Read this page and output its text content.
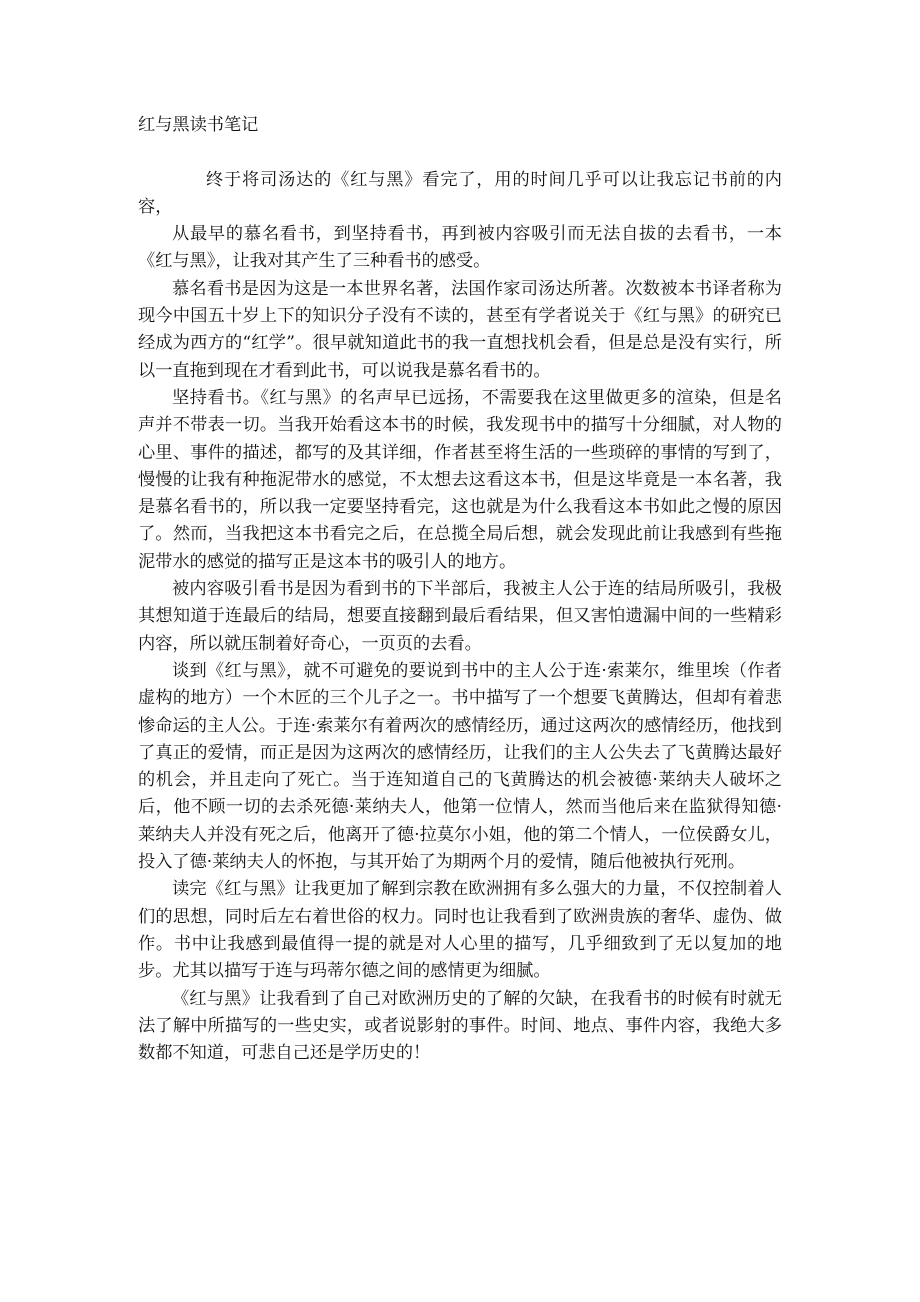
红与黑读书笔记

终于将司汤达的《红与黑》看完了，用的时间几乎可以让我忘记书前的内容，

从最早的慕名看书，到坚持看书，再到被内容吸引而无法自拔的去看书，一本《红与黑》，让我对其产生了三种看书的感受。

慕名看书是因为这是一本世界名著，法国作家司汤达所著。次数被本书译者称为现今中国五十岁上下的知识分子没有不读的，甚至有学者说关于《红与黑》的研究已经成为西方的“红学”。很早就知道此书的我一直想找机会看，但是总是没有实行，所以一直拖到现在才看到此书，可以说我是慕名看书的。

坚持看书。《红与黑》的名声早已远扬，不需要我在这里做更多的渲染，但是名声并不带表一切。当我开始看这本书的时候，我发现书中的描写十分细腻，对人物的心里、事件的描述，都写的及其详细，作者甚至将生活的一些琐碎的事情的写到了，慢慢的让我有种拖泥带水的感觉，不太想去这看这本书，但是这毕竟是一本名著，我是慕名看书的，所以我一定要坚持看完，这也就是为什么我看这本书如此之慢的原因了。然而，当我把这本书看完之后，在总揽全局后想，就会发现此前让我感到有些拖泥带水的感觉的描写正是这本书的吸引人的地方。

被内容吸引看书是因为看到书的下半部后，我被主人公于连的结局所吸引，我极其想知道于连最后的结局，想要直接翻到最后看结果，但又害怕遗漏中间的一些精彩内容，所以就压制着好奇心，一页页的去看。

谈到《红与黑》，就不可避免的要说到书中的主人公于连·索莱尔，维里埃（作者虚构的地方）一个木匠的三个儿子之一。书中描写了一个想要飞黄腾达，但却有着悲惨命运的主人公。于连·索莱尔有着两次的感情经历，通过这两次的感情经历，他找到了真正的爱情，而正是因为这两次的感情经历，让我们的主人公失去了飞黄腾达最好的机会，并且走向了死亡。当于连知道自己的飞黄腾达的机会被德·莱纳夫人破坏之后，他不顾一切的去杀死德·莱纳夫人，他第一位情人，然而当他后来在监狱得知德·莱纳夫人并没有死之后，他离开了德·拉莫尔小姐，他的第二个情人，一位侯爵女儿，投入了德·莱纳夫人的怀抱，与其开始了为期两个月的爱情，随后他被执行死刑。

读完《红与黑》让我更加了解到宗教在欧洲拥有多么强大的力量，不仅控制着人们的思想，同时后左右着世俗的权力。同时也让我看到了欧洲贵族的奢华、虚伪、做作。书中让我感到最值得一提的就是对人心里的描写，几乎细致到了无以复加的地步。尤其以描写于连与玛蒂尔德之间的感情更为细腻。

《红与黑》让我看到了自己对欧洲历史的了解的欠缺，在我看书的时候有时就无法了解中所描写的一些史实，或者说影射的事件。时间、地点、事件内容，我绝大多数都不知道，可悲自己还是学历史的！
